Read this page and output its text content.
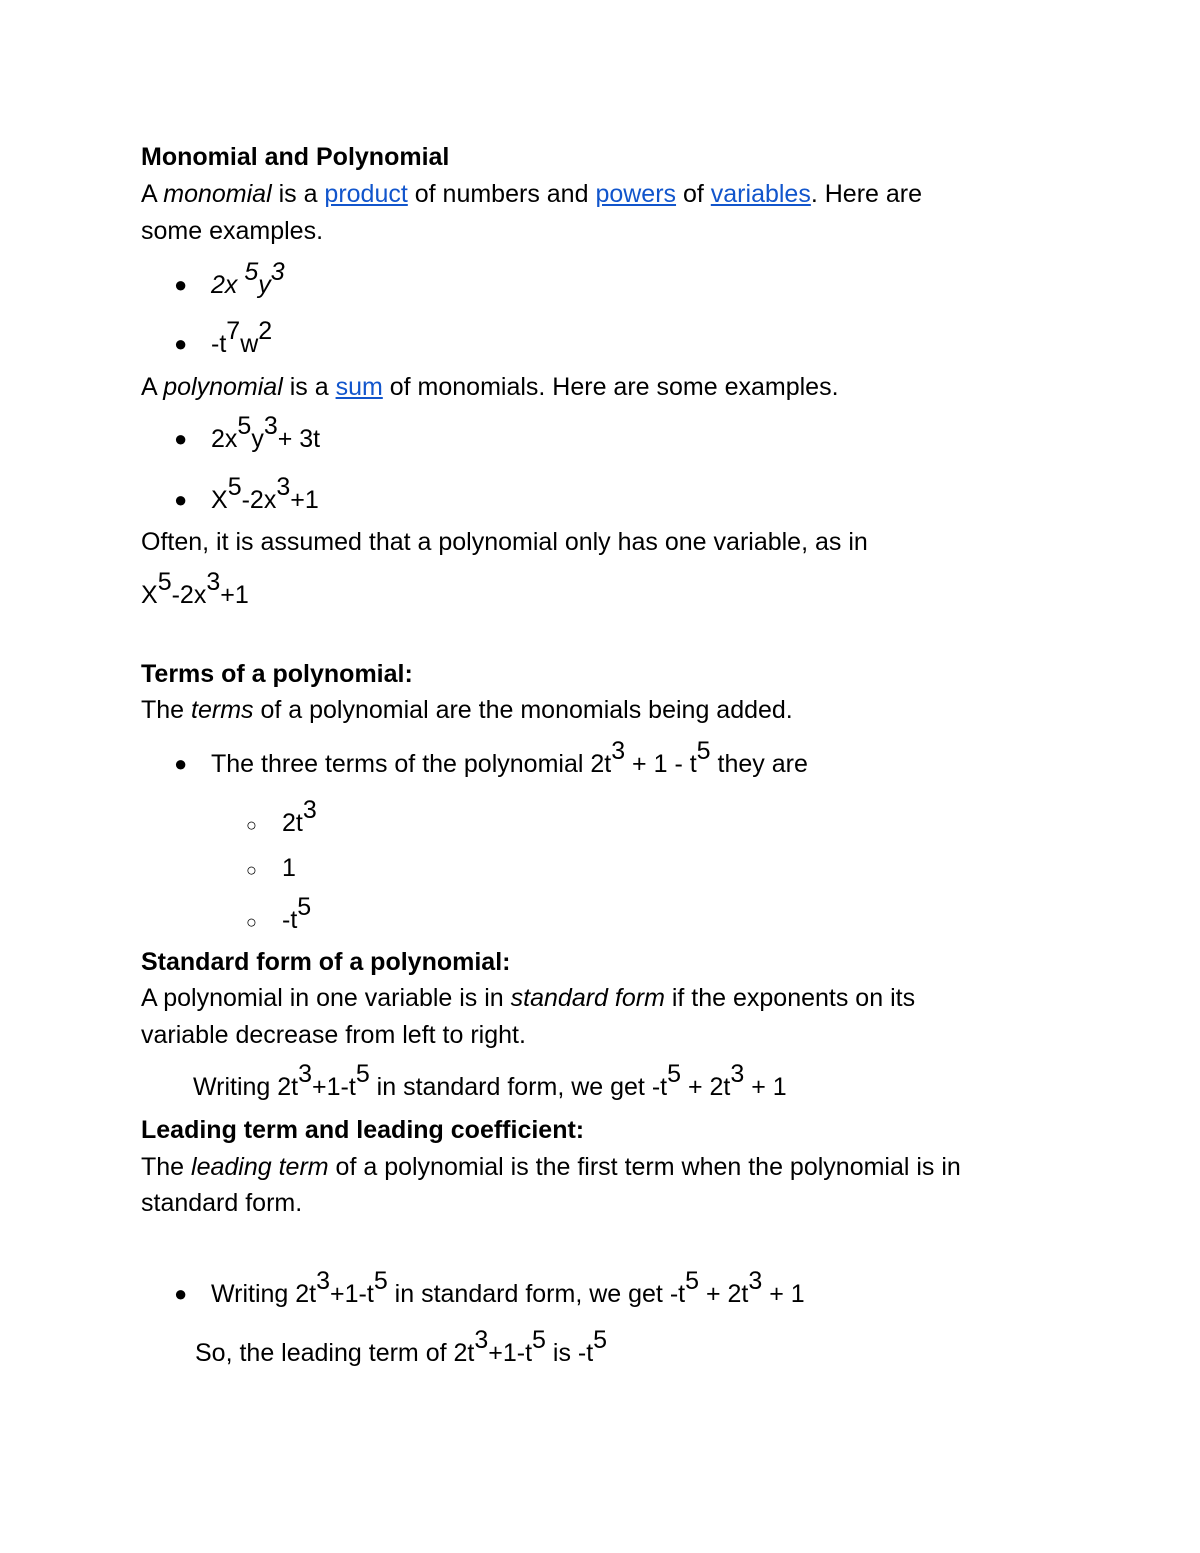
Monomial and Polynomial
A monomial is a product of numbers and powers of variables. Here are
some examples.
● 2x $^5y^3$
● $-t^7w^2$
A polynomial is a sum of monomials. Here are some examples.
● $2x^5y^3+ 3t$
● $X^5-2x^3+1$
Often, it is assumed that a polynomial only has one variable, as in
$X^5-2x^3+1$
Terms of a polynomial:
The terms of a polynomial are the monomials being added.
● The three terms of the polynomial $2t^3 + 1 - t^5$ they are
○ $2t^3$
○ 1
○ $-t^5$
Standard form of a polynomial:
A polynomial in one variable is in standard form if the exponents on its
variable decrease from left to right.
Writing $2t^3+1-t^5$ in standard form, we get $-t^5 + 2t^3 + 1$
Leading term and leading coefficient:
The leading term of a polynomial is the first term when the polynomial is in
standard form.
● Writing $2t^3+1-t^5$ in standard form, we get $-t^5 + 2t^3 + 1$
So, the leading term of $2t^3+1-t^5$ is $-t^5$
